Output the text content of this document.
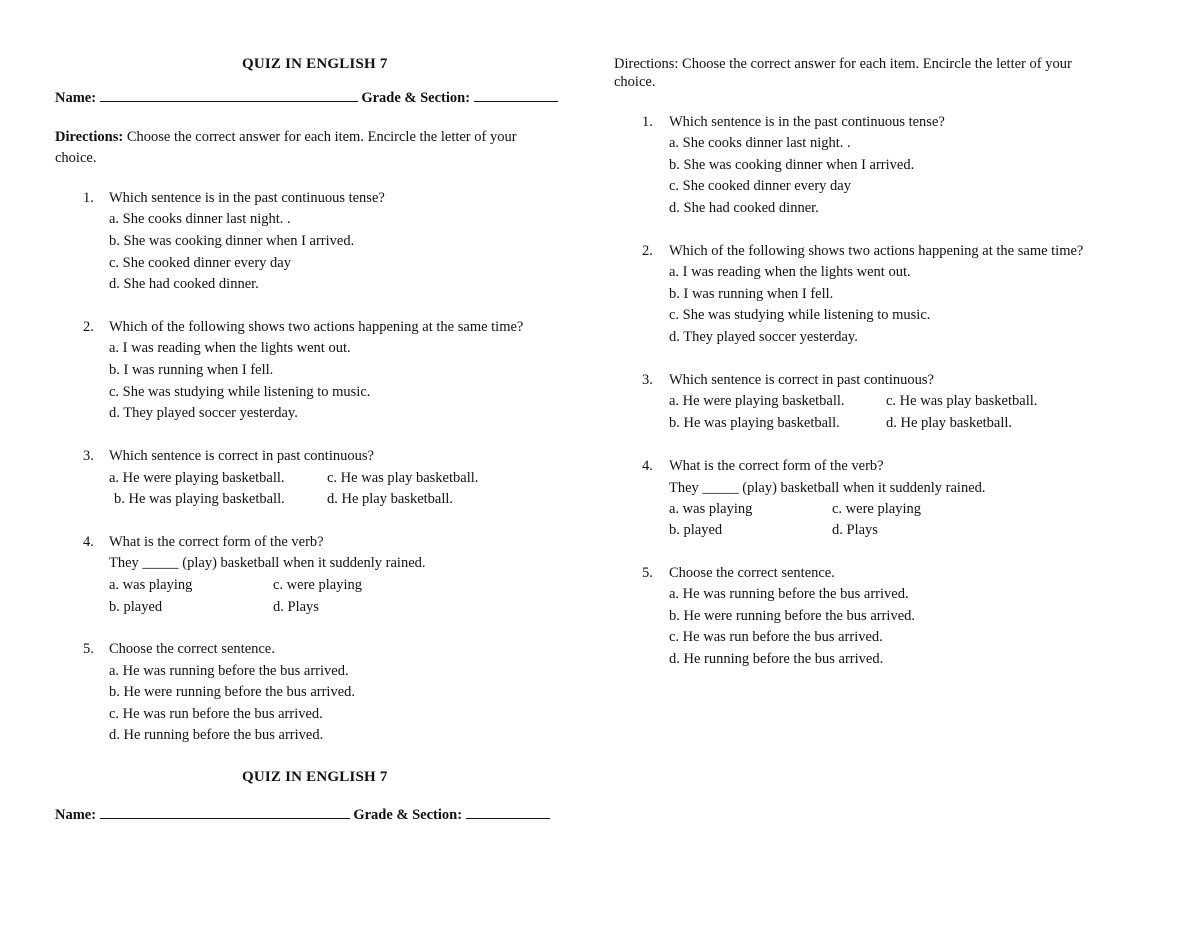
QUIZ IN ENGLISH 7
Name:	Grade & Section:
Directions: Choose the correct answer for each item. Encircle the letter of your
choice.
1. Which sentence is in the past continuous tense?
a. She cooks dinner last night. .
b. She was cooking dinner when I arrived.
c. She cooked dinner every day
d. She had cooked dinner.
2. Which of the following shows two actions happening at the same time?
a. I was reading when the lights went out.
b. I was running when I fell.
c. She was studying while listening to music.
d. They played soccer yesterday.
3. Which sentence is correct in past continuous?
a. He were playing basketball.	c. He was play basketball.
b. He was playing basketball.	d. He play basketball.
4. What is the correct form of the verb?
They _____ (play) basketball when it suddenly rained.
a. was playing	c. were playing
b. played	d. Plays
5. Choose the correct sentence.
a. He was running before the bus arrived.
b. He were running before the bus arrived.
c. He was run before the bus arrived.
d. He running before the bus arrived.
QUIZ IN ENGLISH 7
Name:	Grade & Section:
Directions: Choose the correct answer for each item. Encircle the letter of your
choice.
1. Which sentence is in the past continuous tense?
a. She cooks dinner last night. .
b. She was cooking dinner when I arrived.
c. She cooked dinner every day
d. She had cooked dinner.
2. Which of the following shows two actions happening at the same time?
a. I was reading when the lights went out.
b. I was running when I fell.
c. She was studying while listening to music.
d. They played soccer yesterday.
3. Which sentence is correct in past continuous?
a. He were playing basketball.	c. He was play basketball.
b. He was playing basketball.	d. He play basketball.
4. What is the correct form of the verb?
They _____ (play) basketball when it suddenly rained.
a. was playing	c. were playing
b. played	d. Plays
5. Choose the correct sentence.
a. He was running before the bus arrived.
b. He were running before the bus arrived.
c. He was run before the bus arrived.
d. He running before the bus arrived.
